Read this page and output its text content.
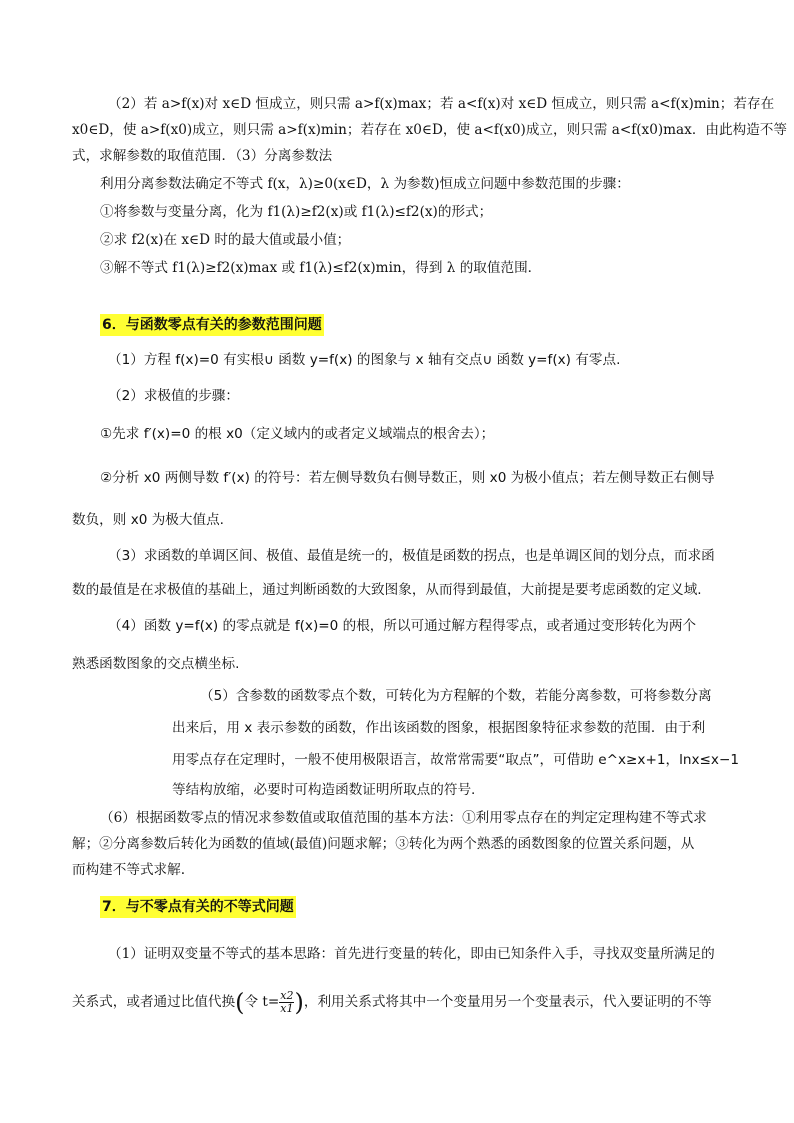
（2）若 a>f(x)对 x∈D 恒成立，则只需 a>f(x)max；若 a<f(x)对 x∈D 恒成立，则只需 a<f(x)min；若存在
x0∈D，使 a>f(x0)成立，则只需 a>f(x)min；若存在 x0∈D，使 a<f(x0)成立，则只需 a<f(x0)max．由此构造不等
式，求解参数的取值范围．（3）分离参数法
利用分离参数法确定不等式 f(x，λ)≥0(x∈D，λ 为参数)恒成立问题中参数范围的步骤：
①将参数与变量分离，化为 f1(λ)≥f2(x)或 f1(λ)≤f2(x)的形式；
②求 f2(x)在 x∈D 时的最大值或最小值；
③解不等式 f1(λ)≥f2(x)max 或 f1(λ)≤f2(x)min，得到 λ 的取值范围．
6．与函数零点有关的参数范围问题
（1）方程 f(x)=0 有实根∪ 函数 y=f(x) 的图象与 x 轴有交点∪ 函数 y=f(x) 有零点.
（2）求极值的步骤：
①先求 f′(x)=0 的根 x0（定义域内的或者定义域端点的根舍去）；
②分析 x0 两侧导数 f′(x) 的符号：若左侧导数负右侧导数正，则 x0 为极小值点；若左侧导数正右侧导
数负，则 x0 为极大值点.
（3）求函数的单调区间、极值、最值是统一的，极值是函数的拐点，也是单调区间的划分点，而求函
数的最值是在求极值的基础上，通过判断函数的大致图象，从而得到最值，大前提是要考虑函数的定义域.
（4）函数 y=f(x) 的零点就是 f(x)=0 的根，所以可通过解方程得零点，或者通过变形转化为两个
熟悉函数图象的交点横坐标.
（5）含参数的函数零点个数，可转化为方程解的个数，若能分离参数，可将参数分离
出来后，用 x 表示参数的函数，作出该函数的图象，根据图象特征求参数的范围．由于利
用零点存在定理时，一般不使用极限语言，故常常需要“取点”，可借助 e^x≥x+1，lnx≤x−1
等结构放缩，必要时可构造函数证明所取点的符号.
（6）根据函数零点的情况求参数值或取值范围的基本方法：①利用零点存在的判定定理构建不等式求
解；②分离参数后转化为函数的值域(最值)问题求解；③转化为两个熟悉的函数图象的位置关系问题，从
而构建不等式求解.
7．与不零点有关的不等式问题
（1）证明双变量不等式的基本思路：首先进行变量的转化，即由已知条件入手，寻找双变量所满足的
关系式，或者通过比值代换(令 $t= \frac{x2}{x1}$ )，利用关系式将其中一个变量用另一个变量表示，代入要证明的不等
